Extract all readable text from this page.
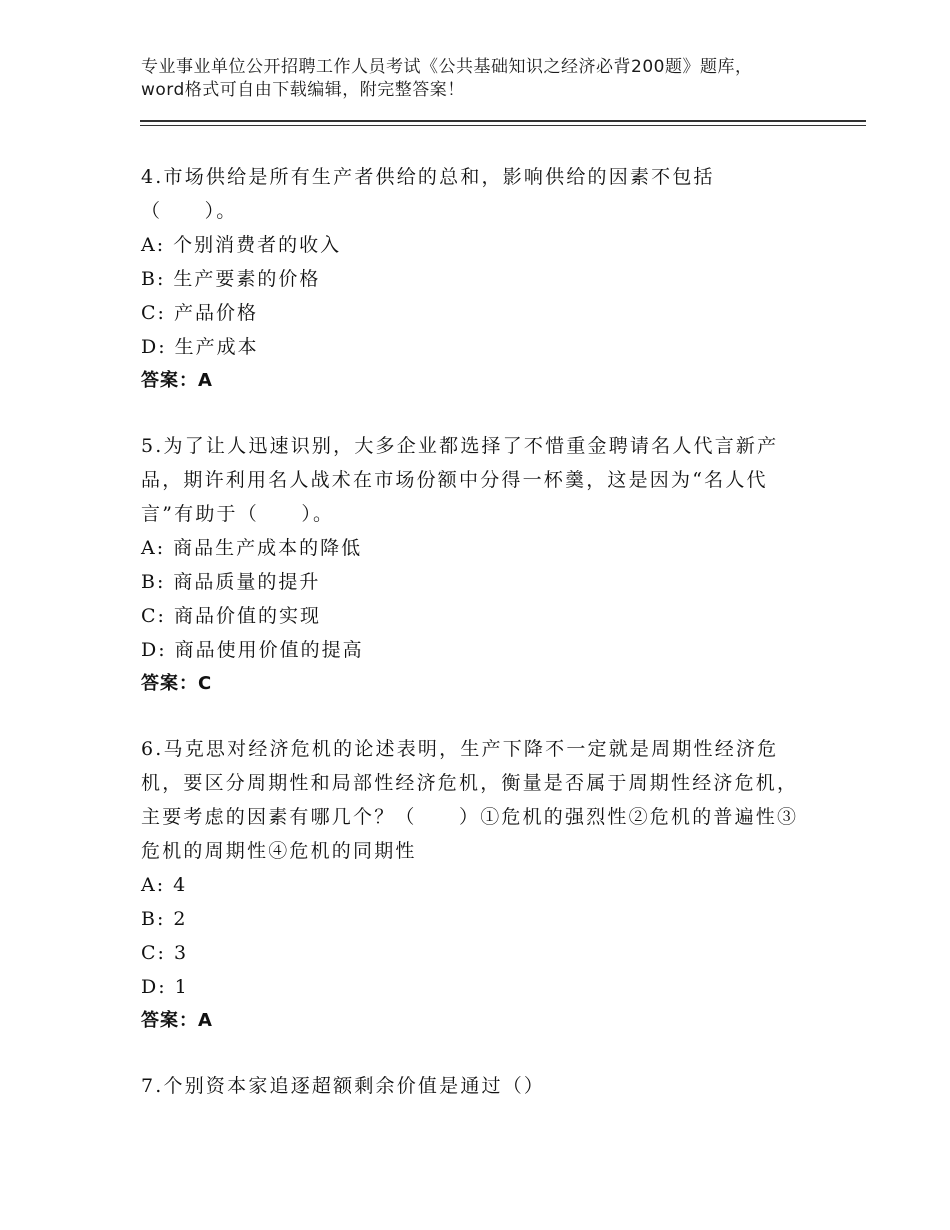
专业事业单位公开招聘工作人员考试《公共基础知识之经济必背200题》题库，word格式可自由下载编辑，附完整答案！
4.市场供给是所有生产者供给的总和，影响供给的因素不包括（　　）。
A: 个别消费者的收入
B: 生产要素的价格
C: 产品价格
D: 生产成本
答案：A
5.为了让人迅速识别，大多企业都选择了不惜重金聘请名人代言新产品，期许利用名人战术在市场份额中分得一杯羹，这是因为“名人代言”有助于（　　）。
A: 商品生产成本的降低
B: 商品质量的提升
C: 商品价值的实现
D: 商品使用价值的提高
答案：C
6.马克思对经济危机的论述表明，生产下降不一定就是周期性经济危机，要区分周期性和局部性经济危机，衡量是否属于周期性经济危机，主要考虑的因素有哪几个？（　　）①危机的强烈性②危机的普遍性③危机的周期性④危机的同期性
A: 4
B: 2
C: 3
D: 1
答案：A
7.个别资本家追逐超额剩余价值是通过（）
